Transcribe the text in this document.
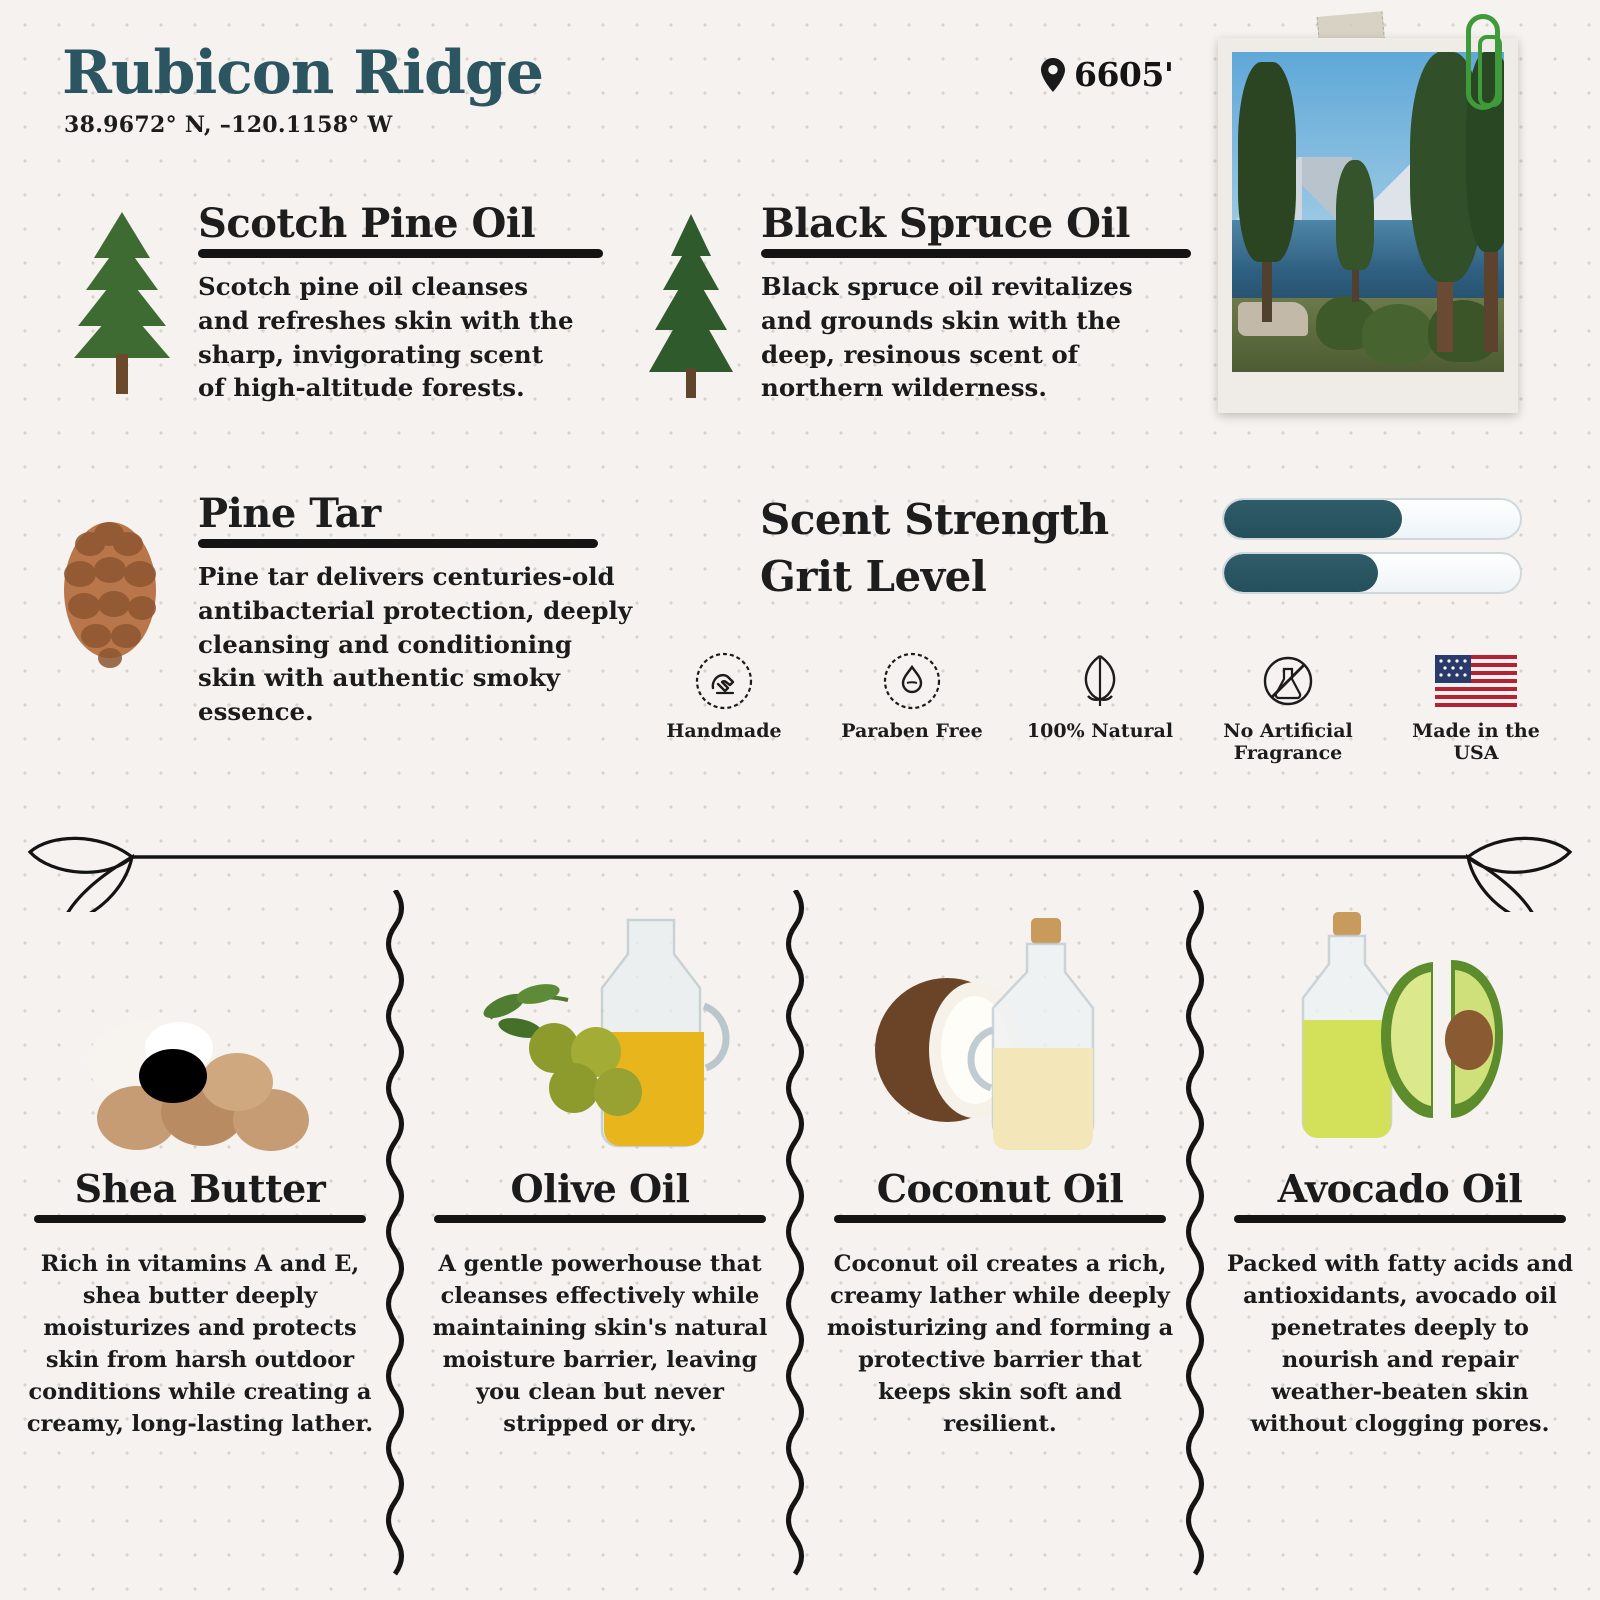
Rubicon Ridge
38.9672° N, –120.1158° W
6605'
Scotch Pine Oil
Scotch pine oil cleanses and refreshes skin with the sharp, invigorating scent of high-altitude forests.
Black Spruce Oil
Black spruce oil revitalizes and grounds skin with the deep, resinous scent of northern wilderness.
Pine Tar
Pine tar delivers centuries-old antibacterial protection, deeply cleansing and conditioning skin with authentic smoky essence.
Scent Strength
Grit Level
Handmade	Paraben Free	100% Natural	No Artificial Fragrance
Made in the USA
Shea Butter
Rich in vitamins A and E, shea butter deeply moisturizes and protects skin from harsh outdoor conditions while creating a creamy, long-lasting lather.
Olive Oil
A gentle powerhouse that cleanses effectively while maintaining skin's natural moisture barrier, leaving you clean but never stripped or dry.
Coconut Oil
Coconut oil creates a rich, creamy lather while deeply moisturizing and forming a protective barrier that keeps skin soft and resilient.
Avocado Oil
Packed with fatty acids and antioxidants, avocado oil penetrates deeply to nourish and repair weather-beaten skin without clogging pores.
